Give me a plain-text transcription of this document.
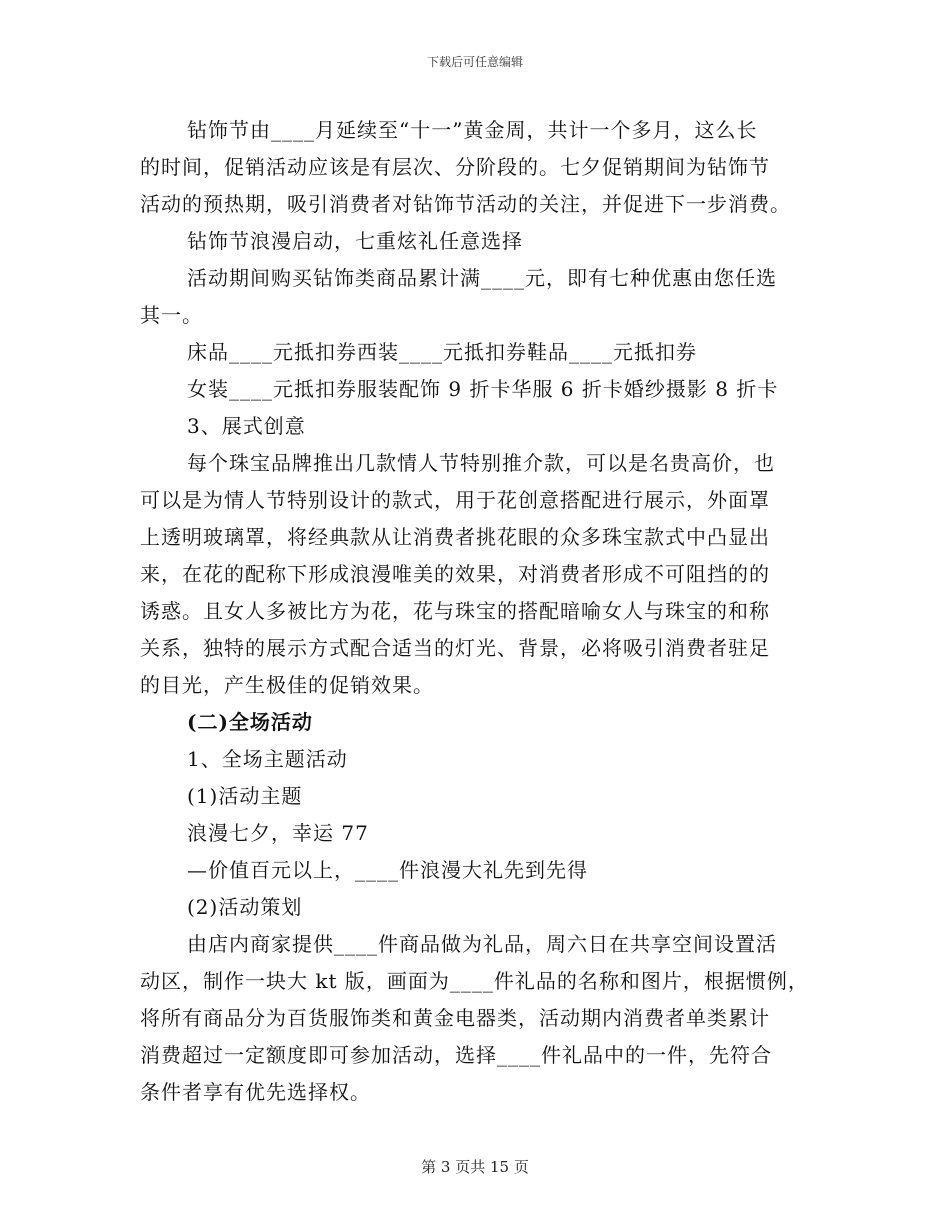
下载后可任意编辑
钻饰节由____月延续至“十一”黄金周，共计一个多月，这么长
的时间，促销活动应该是有层次、分阶段的。七夕促销期间为钻饰节
活动的预热期，吸引消费者对钻饰节活动的关注，并促进下一步消费。
钻饰节浪漫启动，七重炫礼任意选择
活动期间购买钻饰类商品累计满____元，即有七种优惠由您任选
其一。
床品____元抵扣券西装____元抵扣券鞋品____元抵扣券
女装____元抵扣券服装配饰 9 折卡华服 6 折卡婚纱摄影 8 折卡
3、展式创意
每个珠宝品牌推出几款情人节特别推介款，可以是名贵高价，也
可以是为情人节特别设计的款式，用于花创意搭配进行展示，外面罩
上透明玻璃罩，将经典款从让消费者挑花眼的众多珠宝款式中凸显出
来，在花的配称下形成浪漫唯美的效果，对消费者形成不可阻挡的的
诱惑。且女人多被比方为花，花与珠宝的搭配暗喻女人与珠宝的和称
关系，独特的展示方式配合适当的灯光、背景，必将吸引消费者驻足
的目光，产生极佳的促销效果。
(二)全场活动
1、全场主题活动
(1)活动主题
浪漫七夕，幸运 77
—价值百元以上，____件浪漫大礼先到先得
(2)活动策划
由店内商家提供____件商品做为礼品，周六日在共享空间设置活
动区，制作一块大 kt 版，画面为____件礼品的名称和图片，根据惯例，
将所有商品分为百货服饰类和黄金电器类，活动期内消费者单类累计
消费超过一定额度即可参加活动，选择____件礼品中的一件，先符合
条件者享有优先选择权。
第 3 页共 15 页
